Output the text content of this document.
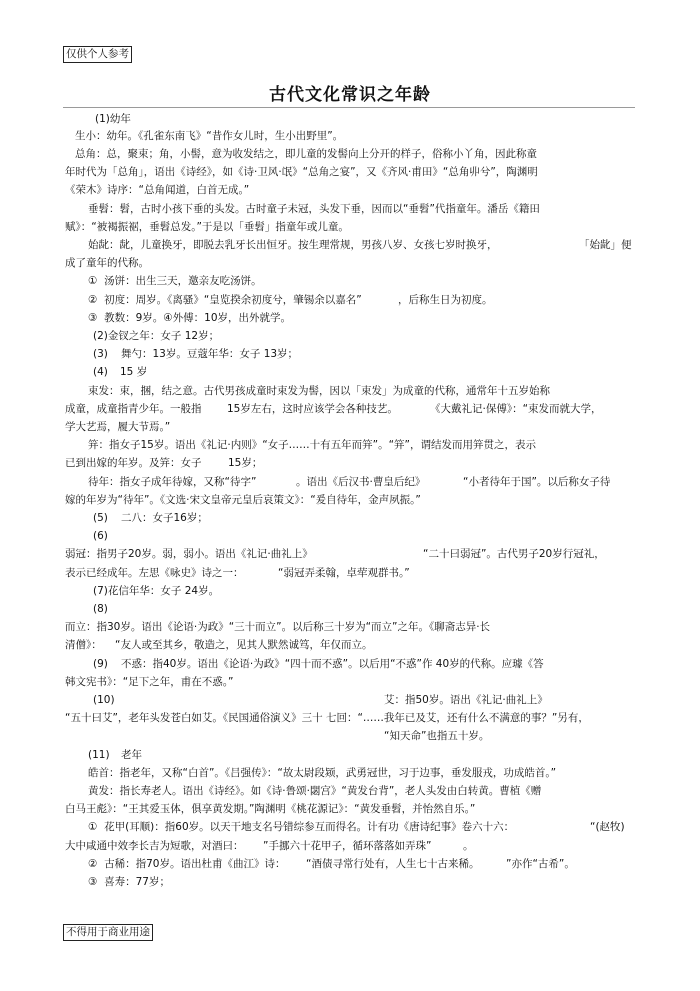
仅供个人参考
古代文化常识之年龄
(1)幼年
生小：幼年。《孔雀东南飞》“昔作女儿时，生小出野里”。
总角：总，聚束；角，小髻，意为收发结之，即儿童的发髻向上分开的样子，俗称小丫角，因此称童
年时代为「总角」，语出《诗经》，如《诗·卫风·氓》“总角之宴”，又《齐风·甫田》“总角丱兮”，陶渊明
《荣木》诗序：“总角闻道，白首无成。”
垂髫：髫，古时小孩下垂的头发。古时童子未冠，头发下垂，因而以“垂髫”代指童年。潘岳《籍田
赋》：“被褐振裾，垂髫总发。”于是以「垂髫」指童年或儿童。
始龀：龀，儿童换牙，即脱去乳牙长出恒牙。按生理常规，男孩八岁、女孩七岁时换牙，	「始龀」便
成了童年的代称。
①  汤饼：出生三天，邀亲友吃汤饼。
②  初度：周岁。《离骚》“皇览揆余初度兮，肇锡余以嘉名”	，后称生日为初度。
③  教数：9岁。④外傅：10岁，出外就学。
(2)金钗之年：女子 12岁；
(3) 舞勺：13岁。豆蔻年华：女子 13岁；
(4) 15 岁
束发：束，捆，结之意。古代男孩成童时束发为髻，因以「束发」为成童的代称，通常年十五岁始称
成童，成童指青少年。一般指 15岁左右，这时应该学会各种技艺。	《大戴礼记·保傅》：“束发而就大学，
学大艺焉，履大节焉。”
笄：指女子15岁。语出《礼记·内则》“女子……十有五年而笄”。“笄”，谓结发而用笄贯之，表示
已到出嫁的年岁。及笄：女子	15岁；
待年：指女子成年待嫁，又称“待字”	。语出《后汉书·曹皇后纪》	“小者待年于国”。以后称女子待
嫁的年岁为“待年”。《文选·宋文皇帝元皇后哀策文》：“爰自待年，金声夙振。”
(5) 二八：女子16岁；
(6)
弱冠：指男子20岁。弱，弱小。语出《礼记·曲礼上》	“二十曰弱冠”。古代男子20岁行冠礼，
表示已经成年。左思《咏史》诗之一：	“弱冠弄柔翰，卓荦观群书。”
(7)花信年华：女子 24岁。
(8)
而立：指30岁。语出《论语·为政》“三十而立”。以后称三十岁为“而立”之年。《聊斋志异·长
清僧》： “友人或至其乡，敬造之，见其人默然诚笃，年仅而立。
(9) 不惑：指40岁。语出《论语·为政》“四十而不惑”。以后用“不惑”作 40岁的代称。应璩《答
韩文宪书》：“足下之年，甫在不惑。”
(10)	艾：指50岁。语出《礼记·曲礼上》
“五十曰艾”，老年头发苍白如艾。《民国通俗演义》三十 七回：“……我年已及艾，还有什么不满意的事？”另有，
“知天命”也指五十岁。
(11) 老年
皓首：指老年，又称“白首”。《吕强传》：“故太尉段颎，武勇冠世，习于边事，垂发服戎，功成皓首。”
黄发：指长寿老人。语出《诗经》。如《诗·鲁颂·閟宫》“黄发台背”，老人头发由白转黄。曹植《赠
白马王彪》：“王其爱玉体，俱享黄发期。”陶渊明《桃花源记》：“黄发垂髫，并怡然自乐。”
①  花甲(耳顺)：指60岁。以天干地支名号错综参互而得名。计有功《唐诗纪事》卷六十六：	“(赵牧)
大中咸通中效李长吉为短歌，对酒曰： ”手挪六十花甲子，循环落落如弄珠”	。
②  古稀：指70岁。语出杜甫《曲江》诗： “酒债寻常行处有，人生七十古来稀。	”亦作“古希”。
③  喜寿：77岁；
不得用于商业用途
